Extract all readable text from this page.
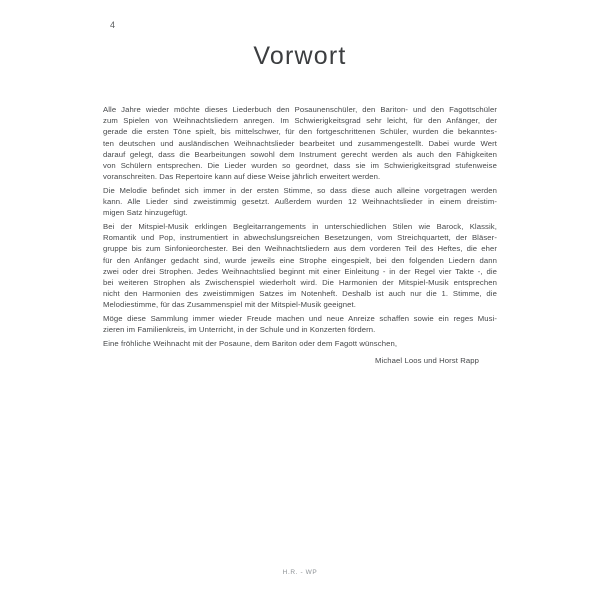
4
Vorwort

Alle Jahre wieder möchte dieses Liederbuch den Posaunenschüler, den Bariton- und den Fagottschüler
zum Spielen von Weihnachtsliedern anregen. Im Schwierigkeitsgrad sehr leicht, für den Anfänger, der
gerade die ersten Töne spielt, bis mittelschwer, für den fortgeschrittenen Schüler, wurden die bekanntes-
ten deutschen und ausländischen Weihnachtslieder bearbeitet und zusammengestellt. Dabei wurde Wert
darauf gelegt, dass die Bearbeitungen sowohl dem Instrument gerecht werden als auch den Fähigkeiten
von Schülern entsprechen. Die Lieder wurden so geordnet, dass sie im Schwierigkeitsgrad stufenweise
voranschreiten. Das Repertoire kann auf diese Weise jährlich erweitert werden.

Die Melodie befindet sich immer in der ersten Stimme, so dass diese auch alleine vorgetragen werden
kann. Alle Lieder sind zweistimmig gesetzt. Außerdem wurden 12 Weihnachtslieder in einem dreistim-
migen Satz hinzugefügt.

Bei der Mitspiel-Musik erklingen Begleitarrangements in unterschiedlichen Stilen wie Barock, Klassik,
Romantik und Pop, instrumentiert in abwechslungsreichen Besetzungen, vom Streichquartett, der Bläser-
gruppe bis zum Sinfonieorchester. Bei den Weihnachtsliedern aus dem vorderen Teil des Heftes, die eher
für den Anfänger gedacht sind, wurde jeweils eine Strophe eingespielt, bei den folgenden Liedern dann
zwei oder drei Strophen. Jedes Weihnachtslied beginnt mit einer Einleitung - in der Regel vier Takte -, die
bei weiteren Strophen als Zwischenspiel wiederholt wird. Die Harmonien der Mitspiel-Musik entsprechen
nicht den Harmonien des zweistimmigen Satzes im Notenheft. Deshalb ist auch nur die 1. Stimme, die
Melodiestimme, für das Zusammenspiel mit der Mitspiel-Musik geeignet.

Möge diese Sammlung immer wieder Freude machen und neue Anreize schaffen sowie ein reges Musi-
zieren im Familienkreis, im Unterricht, in der Schule und in Konzerten fördern.

Eine fröhliche Weihnacht mit der Posaune, dem Bariton oder dem Fagott wünschen,

Michael Loos und Horst Rapp
H.R. - WP
